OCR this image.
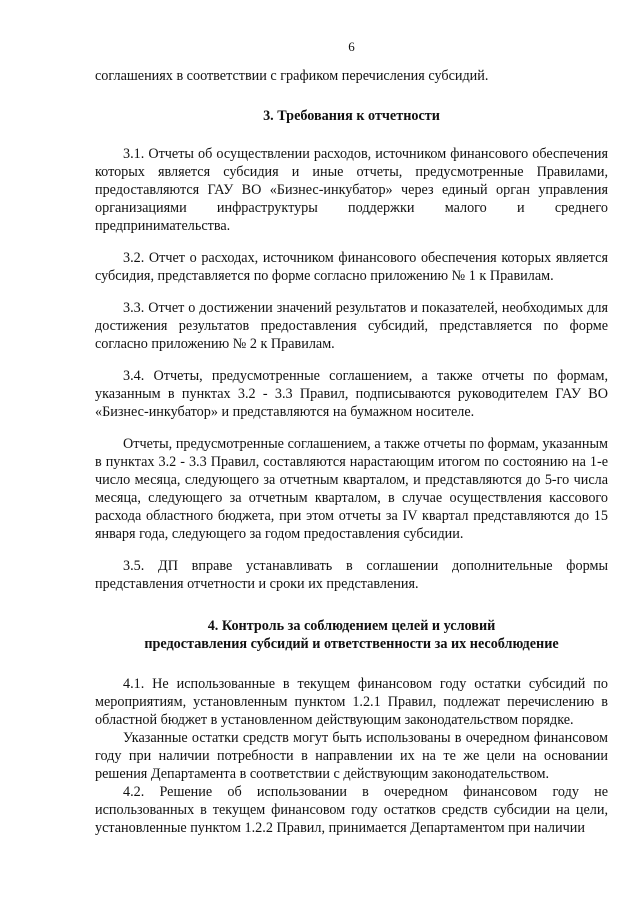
6

соглашениях в соответствии с графиком перечисления субсидий.

3. Требования к отчетности

3.1. Отчеты об осуществлении расходов, источником финансового обеспечения которых является субсидия и иные отчеты, предусмотренные Правилами, предоставляются ГАУ ВО «Бизнес-инкубатор» через единый орган управления организациями инфраструктуры поддержки малого и среднего предпринимательства.

3.2. Отчет о расходах, источником финансового обеспечения которых является субсидия, представляется по форме согласно приложению № 1 к Правилам.

3.3. Отчет о достижении значений результатов и показателей, необходимых для достижения результатов предоставления субсидий, представляется по форме согласно приложению № 2 к Правилам.

3.4. Отчеты, предусмотренные соглашением, а также отчеты по формам, указанным в пунктах 3.2 - 3.3 Правил, подписываются руководителем ГАУ ВО «Бизнес-инкубатор» и представляются на бумажном носителе.

Отчеты, предусмотренные соглашением, а также отчеты по формам, указанным в пунктах 3.2 - 3.3 Правил, составляются нарастающим итогом по состоянию на 1-е число месяца, следующего за отчетным кварталом, и представляются до 5-го числа месяца, следующего за отчетным кварталом, в случае осуществления кассового расхода областного бюджета, при этом отчеты за IV квартал представляются до 15 января года, следующего за годом предоставления субсидии.

3.5. ДП вправе устанавливать в соглашении дополнительные формы представления отчетности и сроки их представления.

4. Контроль за соблюдением целей и условий
предоставления субсидий и ответственности за их несоблюдение

4.1. Не использованные в текущем финансовом году остатки субсидий по мероприятиям, установленным пунктом 1.2.1 Правил, подлежат перечислению в областной бюджет в установленном действующим законодательством порядке.

Указанные остатки средств могут быть использованы в очередном финансовом году при наличии потребности в направлении их на те же цели на основании решения Департамента в соответствии с действующим законодательством.

4.2. Решение об использовании в очередном финансовом году не использованных в текущем финансовом году остатков средств субсидии на цели, установленные пунктом 1.2.2 Правил, принимается Департаментом при наличии
